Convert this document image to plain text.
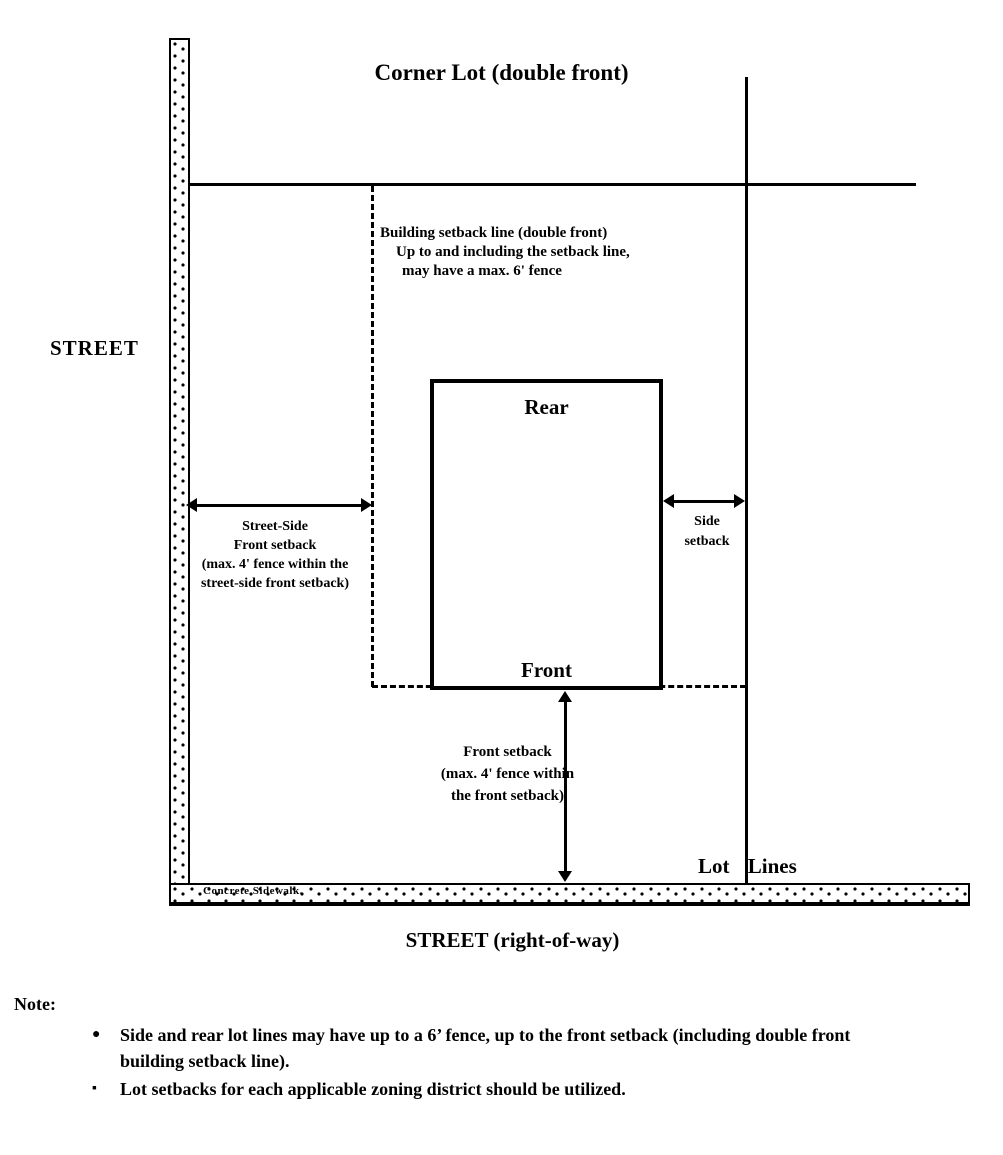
Rear
Front
Corner Lot (double front)
STREET
STREET (right-of-way)
Building setback line (double front)
Up to and including the setback line,
may have a max. 6' fence
Street-Side
Front setback
(max. 4' fence within the
street-side front setback)
Side
setback
Front setback
(max. 4' fence within
the front setback)
Lot Lines
Concrete Sidewalk.
Note:
●	Side and rear lot lines may have up to a 6’ fence, up to the front setback (including double front building setback line).
▪	Lot setbacks for each applicable zoning district should be utilized.
